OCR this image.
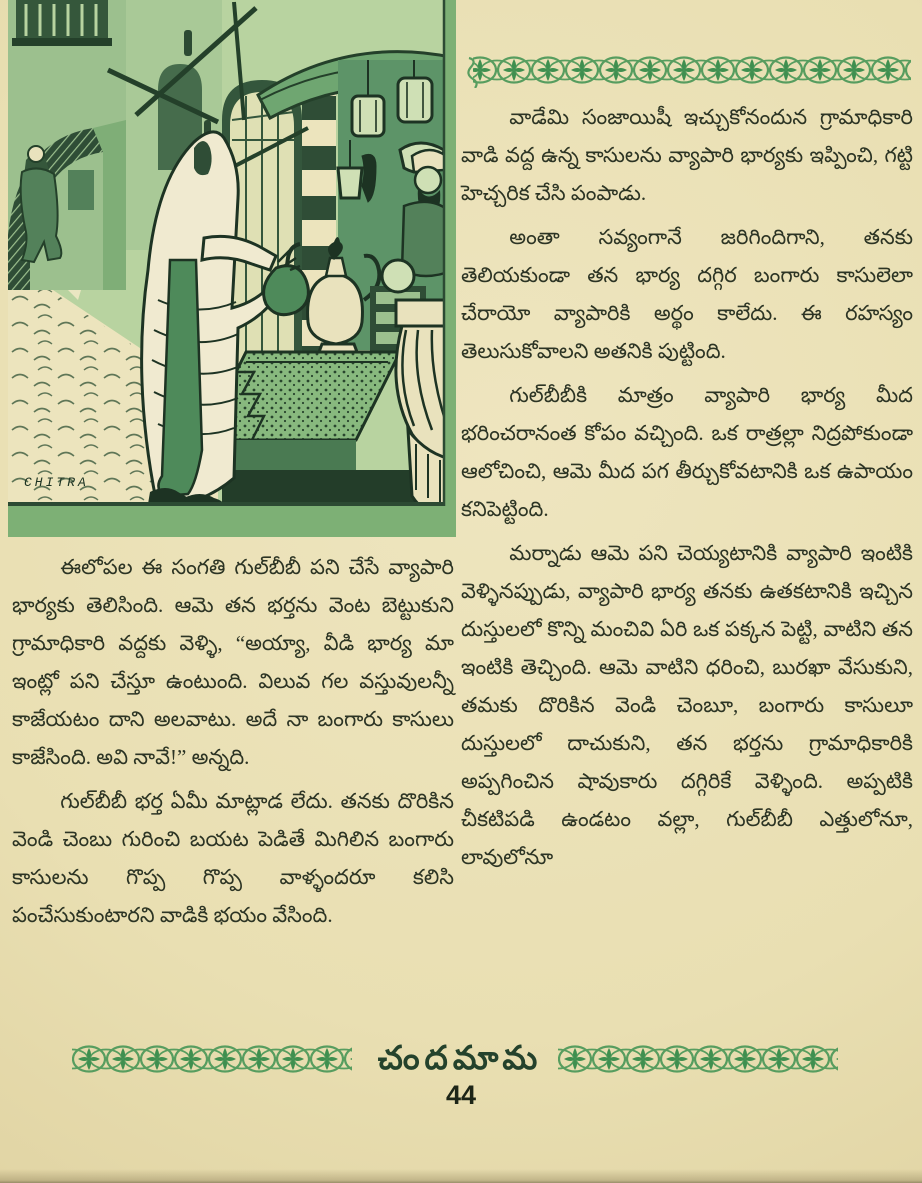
CHITRA

వాడేమి సంజాయిషీ ఇచ్చుకోనందున గ్రామాధికారి వాడి వద్ద ఉన్న కాసులను వ్యాపారి భార్యకు ఇప్పించి, గట్టి హెచ్చరిక చేసి పంపాడు.

అంతా సవ్యంగానే జరిగిందిగాని, తనకు తెలియకుండా తన భార్య దగ్గిర బంగారు కాసులెలా చేరాయో వ్యాపారికి అర్థం కాలేదు. ఈ రహస్యం తెలుసుకోవాలని అతనికి పుట్టింది.

గుల్‌బీబీకి మాత్రం వ్యాపారి భార్య మీద భరించరానంత కోపం వచ్చింది. ఒక రాత్రల్లా నిద్రపోకుండా ఆలోచించి, ఆమె మీద పగ తీర్చుకోవటానికి ఒక ఉపాయం కనిపెట్టింది.

మర్నాడు ఆమె పని చెయ్యటానికి వ్యాపారి ఇంటికి వెళ్ళినప్పుడు, వ్యాపారి భార్య తనకు ఉతకటానికి ఇచ్చిన దుస్తులలో కొన్ని మంచివి ఏరి ఒక పక్కన పెట్టి, వాటిని తన ఇంటికి తెచ్చింది. ఆమె వాటిని ధరించి, బురఖా వేసుకుని, తమకు దొరికిన వెండి చెంబూ, బంగారు కాసులూ దుస్తులలో దాచుకుని, తన భర్తను గ్రామాధికారికి అప్పగించిన షావుకారు దగ్గిరికే వెళ్ళింది. అప్పటికి చీకటిపడి ఉండటం వల్లా, గుల్‌బీబీ ఎత్తులోనూ, లావులోనూ

ఈలోపల ఈ సంగతి గుల్‌బీబీ పని చేసే వ్యాపారి భార్యకు తెలిసింది. ఆమె తన భర్తను వెంట బెట్టుకుని గ్రామాధికారి వద్దకు వెళ్ళి, “అయ్యా, వీడి భార్య మా ఇంట్లో పని చేస్తూ ఉంటుంది. విలువ గల వస్తువులన్నీ కాజేయటం దాని అలవాటు. అదే నా బంగారు కాసులు కాజేసింది. అవి నావే!” అన్నది.

గుల్‌బీబీ భర్త ఏమీ మాట్లాడ లేదు. తనకు దొరికిన వెండి చెంబు గురించి బయట పెడితే మిగిలిన బంగారు కాసులను గొప్ప గొప్ప వాళ్ళందరూ కలిసి పంచేసుకుంటారని వాడికి భయం వేసింది.

చందమామ
44
